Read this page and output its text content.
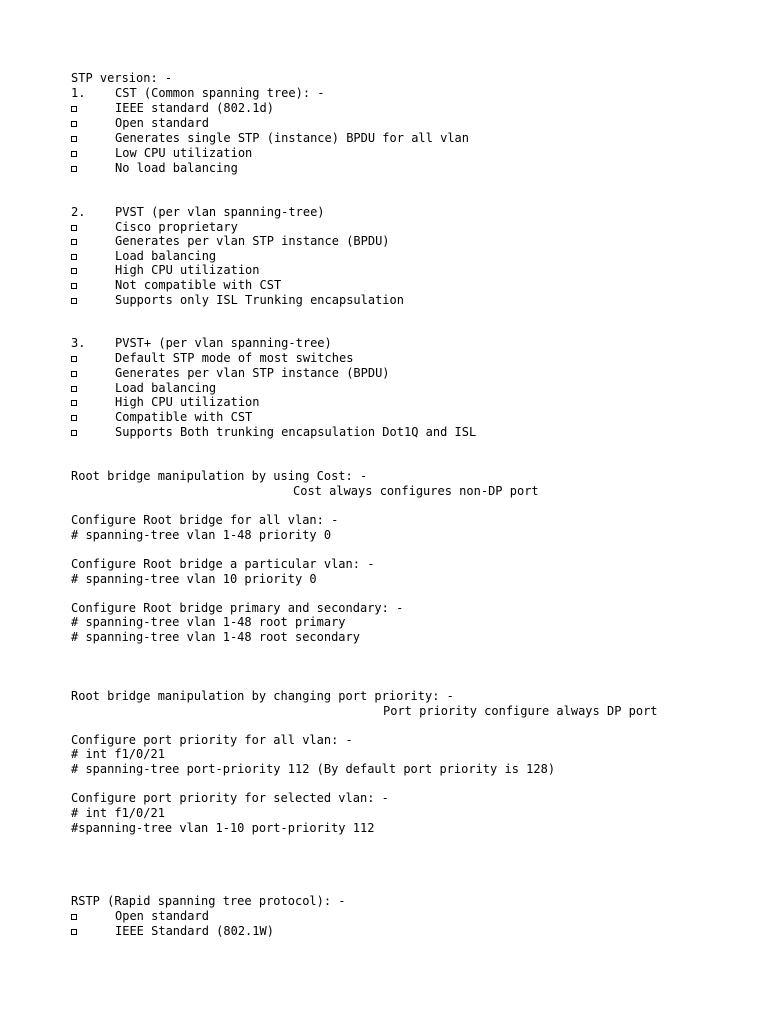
STP version: -
1. CST (Common spanning tree): -
IEEE standard (802.1d)
Open standard
Generates single STP (instance) BPDU for all vlan
Low CPU utilization
No load balancing
2. PVST (per vlan spanning-tree)
Cisco proprietary
Generates per vlan STP instance (BPDU)
Load balancing
High CPU utilization
Not compatible with CST
Supports only ISL Trunking encapsulation
3. PVST+ (per vlan spanning-tree)
Default STP mode of most switches
Generates per vlan STP instance (BPDU)
Load balancing
High CPU utilization
Compatible with CST
Supports Both trunking encapsulation Dot1Q and ISL
Root bridge manipulation by using Cost: -
Cost always configures non-DP port
Configure Root bridge for all vlan: -
# spanning-tree vlan 1-48 priority 0
Configure Root bridge a particular vlan: -
# spanning-tree vlan 10 priority 0
Configure Root bridge primary and secondary: -
# spanning-tree vlan 1-48 root primary
# spanning-tree vlan 1-48 root secondary
Root bridge manipulation by changing port priority: -
Port priority configure always DP port
Configure port priority for all vlan: -
# int f1/0/21
# spanning-tree port-priority 112 (By default port priority is 128)
Configure port priority for selected vlan: -
# int f1/0/21
#spanning-tree vlan 1-10 port-priority 112
RSTP (Rapid spanning tree protocol): -
Open standard
IEEE Standard (802.1W)
